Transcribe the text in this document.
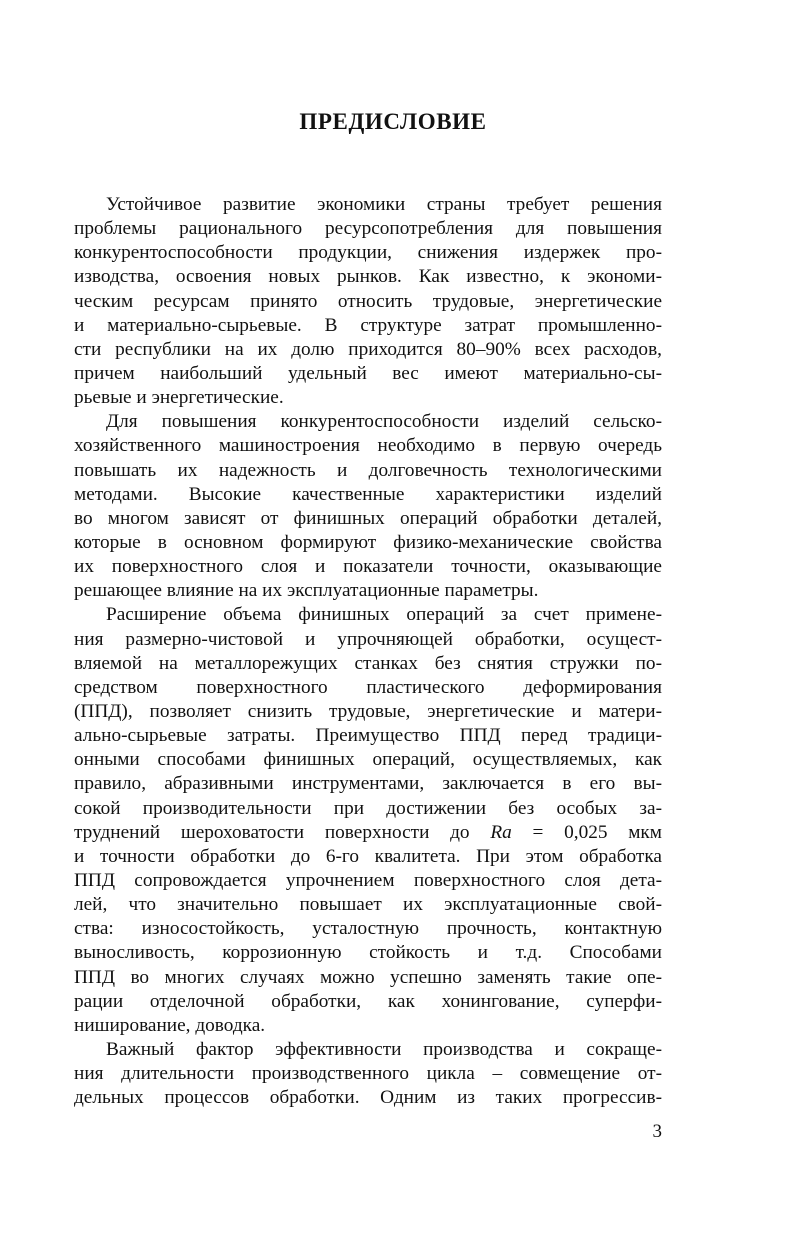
ПРЕДИСЛОВИЕ
Устойчивое развитие экономики страны требует решения
проблемы рационального ресурсопотребления для повышения
конкурентоспособности продукции, снижения издержек про-
изводства, освоения новых рынков. Как известно, к экономи-
ческим ресурсам принято относить трудовые, энергетические
и материально-сырьевые. В структуре затрат промышленно-
сти республики на их долю приходится 80–90% всех расходов,
причем наибольший удельный вес имеют материально-сы-
рьевые и энергетические.
Для повышения конкурентоспособности изделий сельско-
хозяйственного машиностроения необходимо в первую очередь
повышать их надежность и долговечность технологическими
методами. Высокие качественные характеристики изделий
во многом зависят от финишных операций обработки деталей,
которые в основном формируют физико-механические свойства
их поверхностного слоя и показатели точности, оказывающие
решающее влияние на их эксплуатационные параметры.
Расширение объема финишных операций за счет примене-
ния размерно-чистовой и упрочняющей обработки, осущест-
вляемой на металлорежущих станках без снятия стружки по-
средством поверхностного пластического деформирования
(ППД), позволяет снизить трудовые, энергетические и матери-
ально-сырьевые затраты. Преимущество ППД перед традици-
онными способами финишных операций, осуществляемых, как
правило, абразивными инструментами, заключается в его вы-
сокой производительности при достижении без особых за-
труднений шероховатости поверхности до Ra = 0,025 мкм
и точности обработки до 6-го квалитета. При этом обработка
ППД сопровождается упрочнением поверхностного слоя дета-
лей, что значительно повышает их эксплуатационные свой-
ства: износостойкость, усталостную прочность, контактную
выносливость, коррозионную стойкость и т.д. Способами
ППД во многих случаях можно успешно заменять такие опе-
рации отделочной обработки, как хонингование, суперфи-
ниширование, доводка.
Важный фактор эффективности производства и сокраще-
ния длительности производственного цикла – совмещение от-
дельных процессов обработки. Одним из таких прогрессив-
3
